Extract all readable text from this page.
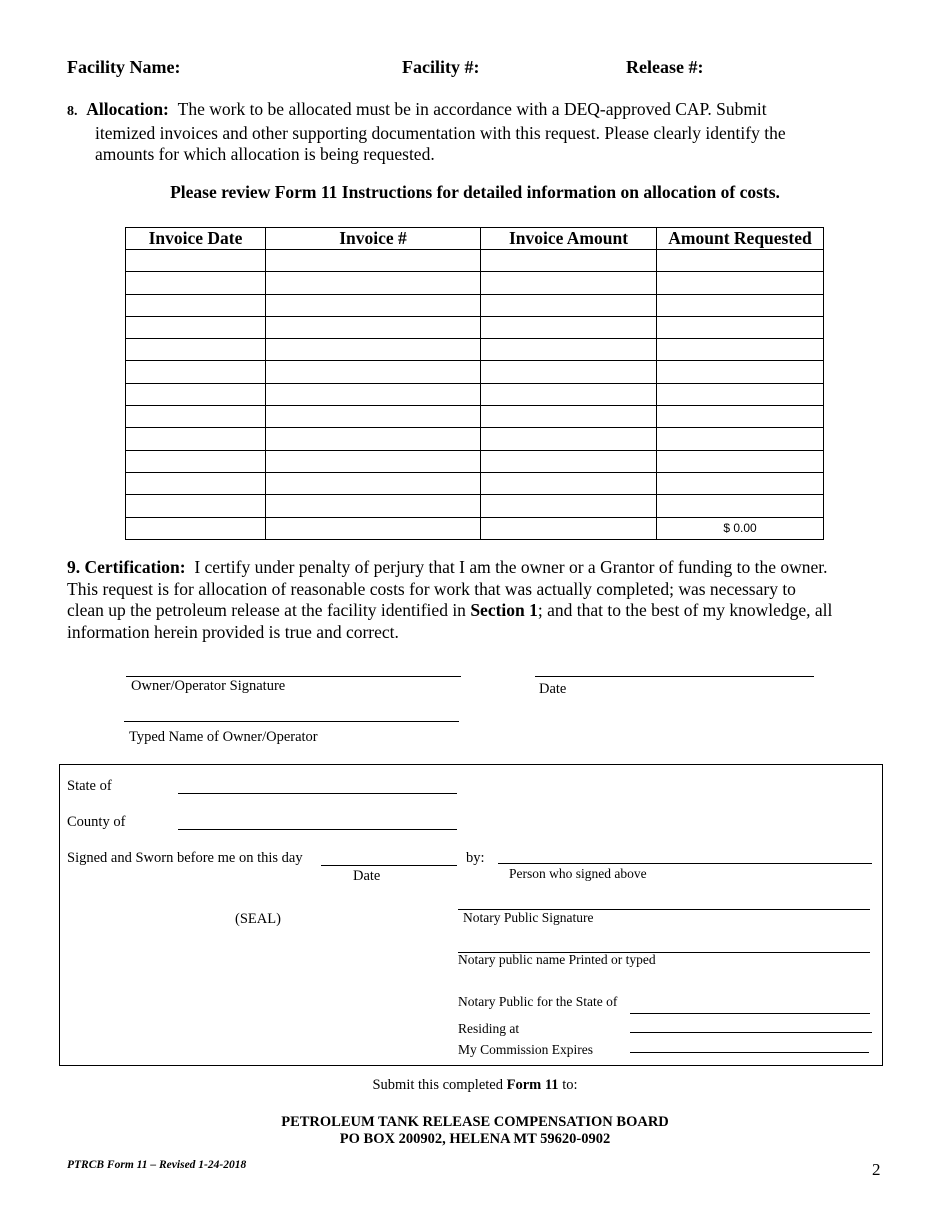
Facility Name:	Facility #:	Release #:
8. Allocation: The work to be allocated must be in accordance with a DEQ-approved CAP. Submit
itemized invoices and other supporting documentation with this request. Please clearly identify the
amounts for which allocation is being requested.
Please review Form 11 Instructions for detailed information on allocation of costs.
Invoice Date	Invoice #	Invoice Amount	Amount Requested

			$ 0.00
9. Certification: I certify under penalty of perjury that I am the owner or a Grantor of funding to the owner.
This request is for allocation of reasonable costs for work that was actually completed; was necessary to
clean up the petroleum release at the facility identified in Section 1; and that to the best of my knowledge, all
information herein provided is true and correct.
Owner/Operator Signature	Date
Typed Name of Owner/Operator
State of
County of
Signed and Sworn before me on this day
Date
by:
Person who signed above
(SEAL)	Notary Public Signature
Notary public name Printed or typed
Notary Public for the State of
Residing at
My Commission Expires
Submit this completed Form 11 to:
PETROLEUM TANK RELEASE COMPENSATION BOARD
PO BOX 200902, HELENA MT 59620-0902
PTRCB Form 11 – Revised 1-24-2018	2
